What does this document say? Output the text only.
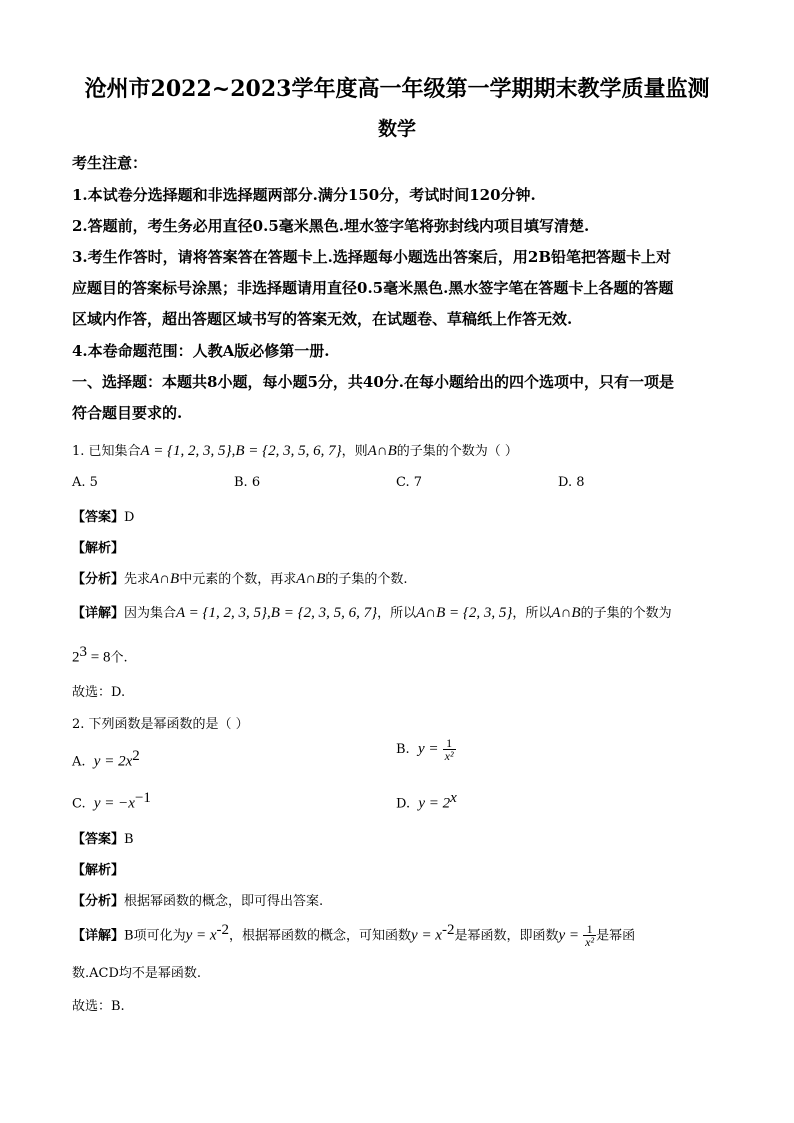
沧州市2022~2023学年度高一年级第一学期期末教学质量监测
数学
考生注意：
1.本试卷分选择题和非选择题两部分.满分150分，考试时间120分钟.
2.答题前，考生务必用直径0.5毫米黑色.埋水签字笔将弥封线内项目填写清楚.
3.考生作答时，请将答案答在答题卡上.选择题每小题选出答案后，用2B铅笔把答题卡上对
应题目的答案标号涂黑；非选择题请用直径0.5毫米黑色.黑水签字笔在答题卡上各题的答题
区域内作答，超出答题区域书写的答案无效，在试题卷、草稿纸上作答无效.
4.本卷命题范围：人教A版必修第一册.
一、选择题：本题共8小题，每小题5分，共40分.在每小题给出的四个选项中，只有一项是
符合题目要求的.
1. 已知集合A = {1, 2, 3, 5},B = {2, 3, 5, 6, 7}，则A∩B的子集的个数为（ ）
A. 5	B. 6	C. 7	D. 8
【答案】D
【解析】
【分析】先求A∩B中元素的个数，再求A∩B的子集的个数.
【详解】因为集合A = {1, 2, 3, 5},B = {2, 3, 5, 6, 7}，所以A∩B = {2, 3, 5}，所以A∩B的子集的个数为
$2^3 = 8$个.
故选：D.
2. 下列函数是幂函数的是（ ）
A. $y = 2x^2$	B. $y = \frac{1}{\text{x²}}$
C. $y = -x^{-1}$	D. $y = 2^x$
【答案】B
【解析】
【分析】根据幂函数的概念，即可得出答案.
【详解】B项可化为$y = x^{-2}$，根据幂函数的概念，可知函数$y = x^{-2}$是幂函数，即函数$y = \frac{1}{\text{x²}}$ 是幂函
数.ACD均不是幂函数.
故选：B.
